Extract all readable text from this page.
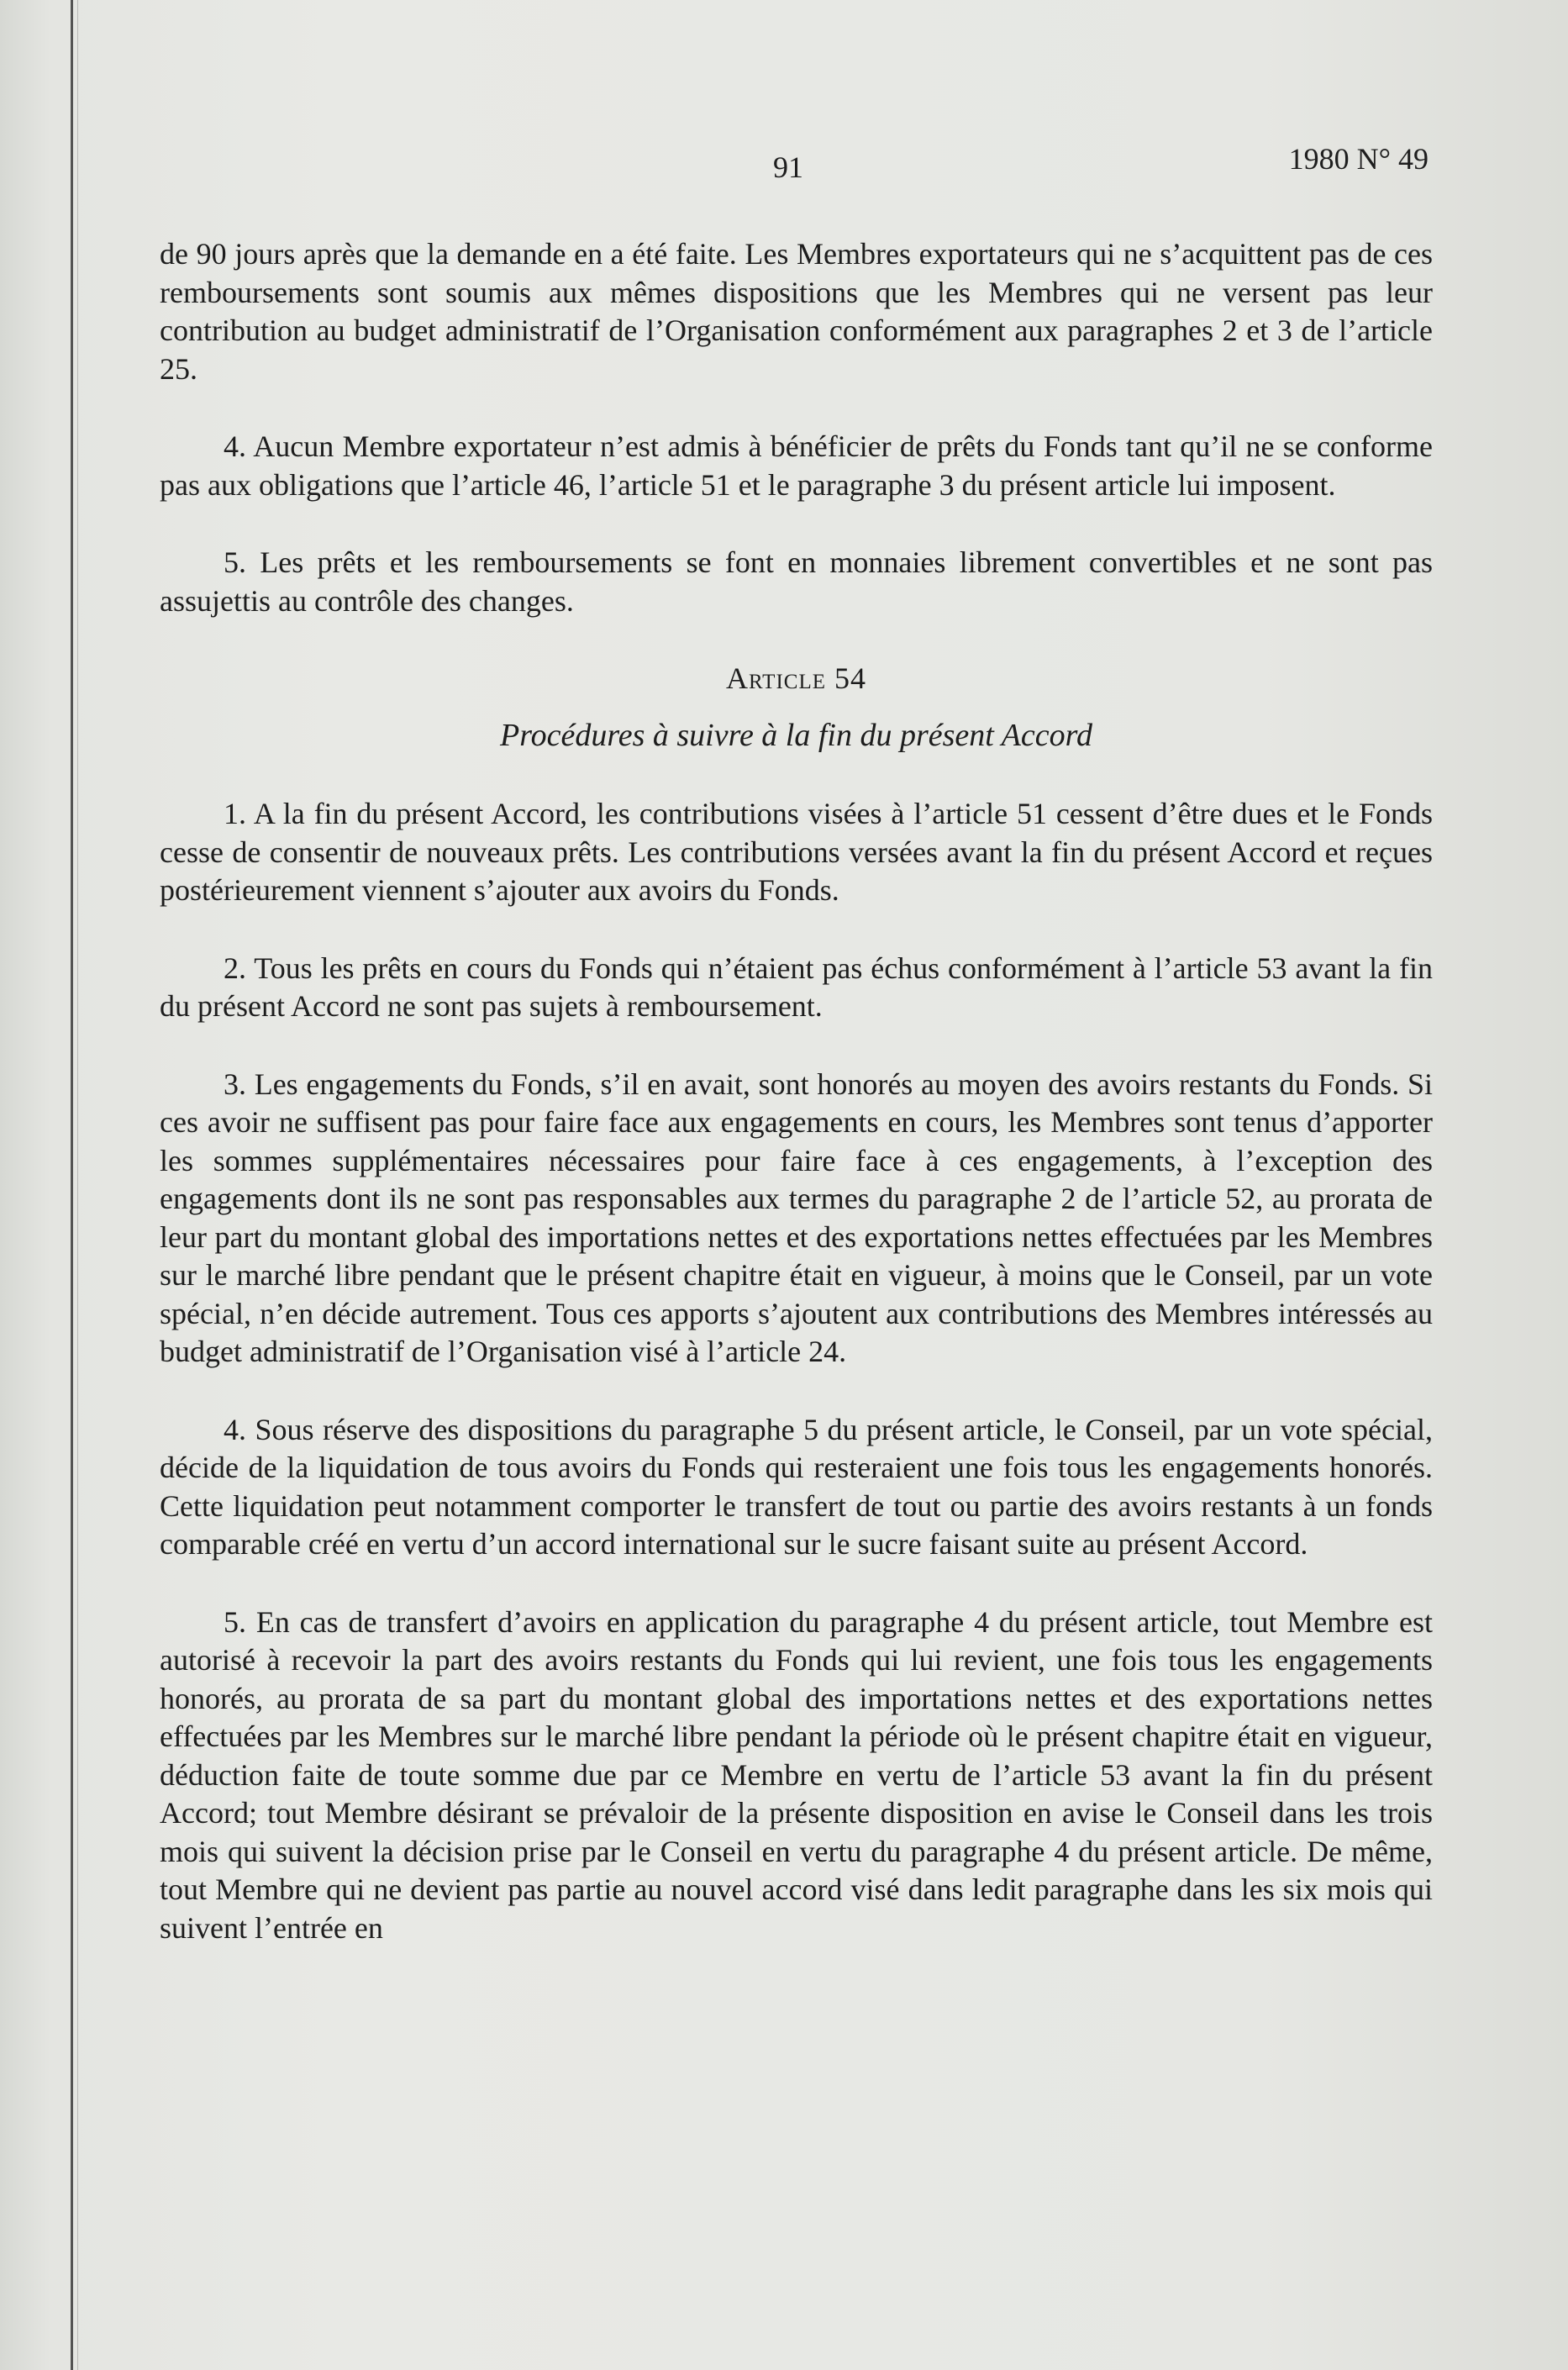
91	1980 N° 49

de 90 jours après que la demande en a été faite. Les Membres exportateurs qui ne s’acquittent pas de ces remboursements sont soumis aux mêmes dispositions que les Membres qui ne versent pas leur contribution au budget administratif de l’Organisation conformément aux paragraphes 2 et 3 de l’article 25.

4. Aucun Membre exportateur n’est admis à bénéficier de prêts du Fonds tant qu’il ne se conforme pas aux obligations que l’article 46, l’article 51 et le paragraphe 3 du présent article lui imposent.

5. Les prêts et les remboursements se font en monnaies librement convertibles et ne sont pas assujettis au contrôle des changes.

Article 54
Procédures à suivre à la fin du présent Accord

1. A la fin du présent Accord, les contributions visées à l’article 51 cessent d’être dues et le Fonds cesse de consentir de nouveaux prêts. Les contributions versées avant la fin du présent Accord et reçues postérieurement viennent s’ajouter aux avoirs du Fonds.

2. Tous les prêts en cours du Fonds qui n’étaient pas échus conformément à l’article 53 avant la fin du présent Accord ne sont pas sujets à remboursement.

3. Les engagements du Fonds, s’il en avait, sont honorés au moyen des avoirs restants du Fonds. Si ces avoir ne suffisent pas pour faire face aux engagements en cours, les Membres sont tenus d’apporter les sommes supplémentaires nécessaires pour faire face à ces engagements, à l’exception des engagements dont ils ne sont pas responsables aux termes du paragraphe 2 de l’article 52, au prorata de leur part du montant global des importations nettes et des exportations nettes effectuées par les Membres sur le marché libre pendant que le présent chapitre était en vigueur, à moins que le Conseil, par un vote spécial, n’en décide autrement. Tous ces apports s’ajoutent aux contributions des Membres intéressés au budget administratif de l’Organisation visé à l’article 24.

4. Sous réserve des dispositions du paragraphe 5 du présent article, le Conseil, par un vote spécial, décide de la liquidation de tous avoirs du Fonds qui resteraient une fois tous les engagements honorés. Cette liquidation peut notamment comporter le transfert de tout ou partie des avoirs restants à un fonds comparable créé en vertu d’un accord international sur le sucre faisant suite au présent Accord.

5. En cas de transfert d’avoirs en application du paragraphe 4 du présent article, tout Membre est autorisé à recevoir la part des avoirs restants du Fonds qui lui revient, une fois tous les engagements honorés, au prorata de sa part du montant global des importations nettes et des exportations nettes effectuées par les Membres sur le marché libre pendant la période où le présent chapitre était en vigueur, déduction faite de toute somme due par ce Membre en vertu de l’article 53 avant la fin du présent Accord; tout Membre désirant se prévaloir de la présente disposition en avise le Conseil dans les trois mois qui suivent la décision prise par le Conseil en vertu du paragraphe 4 du présent article. De même, tout Membre qui ne devient pas partie au nouvel accord visé dans ledit paragraphe dans les six mois qui suivent l’entrée en
